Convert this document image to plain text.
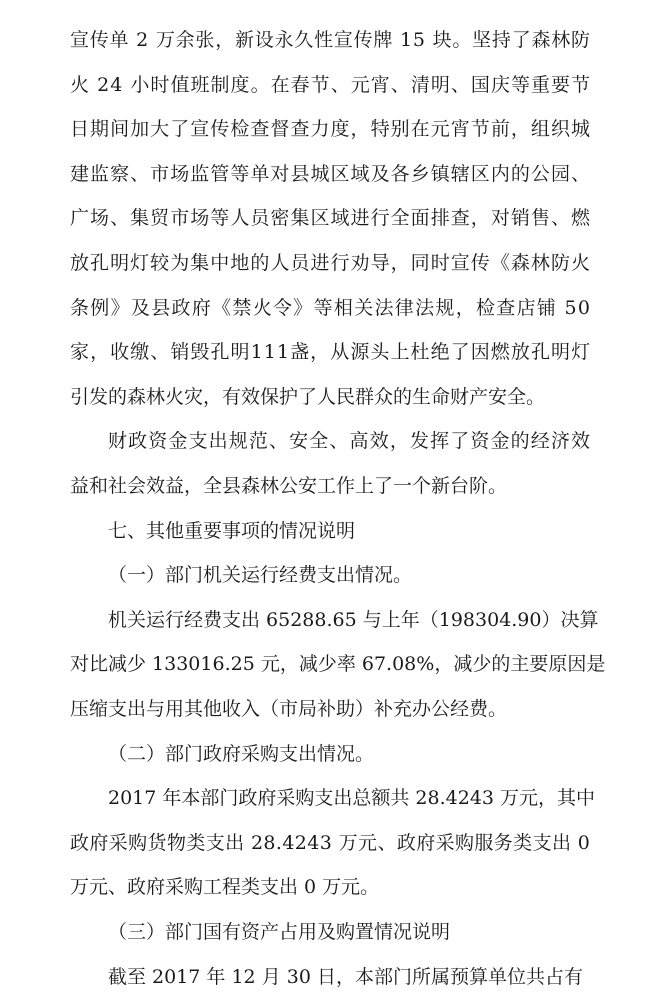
宣传单 2 万余张，新设永久性宣传牌 15 块。坚持了森林防
火 24 小时值班制度。在春节、元宵、清明、国庆等重要节
日期间加大了宣传检查督查力度，特别在元宵节前，组织城
建监察、市场监管等单对县城区域及各乡镇辖区内的公园、
广场、集贸市场等人员密集区域进行全面排查，对销售、燃
放孔明灯较为集中地的人员进行劝导，同时宣传《森林防火
条例》及县政府《禁火令》等相关法律法规，检查店铺 50
家，收缴、销毁孔明111盏，从源头上杜绝了因燃放孔明灯
引发的森林火灾，有效保护了人民群众的生命财产安全。
财政资金支出规范、安全、高效，发挥了资金的经济效
益和社会效益，全县森林公安工作上了一个新台阶。
七、其他重要事项的情况说明
（一）部门机关运行经费支出情况。
机关运行经费支出 65288.65 与上年（198304.90）决算
对比减少 133016.25 元，减少率 67.08%，减少的主要原因是
压缩支出与用其他收入（市局补助）补充办公经费。
（二）部门政府采购支出情况。
2017 年本部门政府采购支出总额共 28.4243 万元，其中
政府采购货物类支出 28.4243 万元、政府采购服务类支出 0
万元、政府采购工程类支出 0 万元。
（三）部门国有资产占用及购置情况说明
截至 2017 年 12 月 30 日，本部门所属预算单位共占有
